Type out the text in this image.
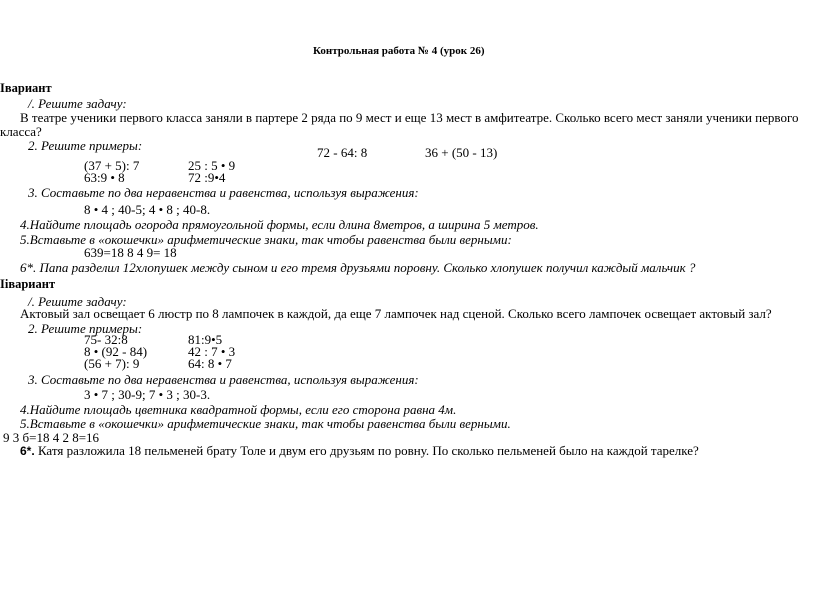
Контрольная работа № 4 (урок 26)
Iвариант
/. Решите задачу:
В театре ученики первого класса заняли в партере 2 ряда по 9 мест и еще 13 мест в амфитеатре. Сколько всего мест заняли ученики первого
класса?
2. Решите примеры:	72 - 64: 8	36 + (50 - 13)
(37 + 5): 7	25 : 5 • 9
63:9 • 8	72 :9•4
3. Составьте по два неравенства и равенства, используя выражения:
8 • 4 ; 40-5; 4 • 8 ; 40-8.
4.Найдите площадь огорода прямоугольной формы, если длина 8метров, а ширина 5 метров.
5.Вставьте в «окошечки» арифметические знаки, так чтобы равенства были верными:
639=18 8 4 9= 18
6*. Папа разделил 12хлопушек между сыном и его тремя друзьями поровну. Сколько хлопушек получил каждый мальчик ?
Iiвариант
/. Решите задачу:
Актовый зал освещает 6 люстр по 8 лампочек в каждой, да еще 7 лампочек над сценой. Сколько всего лампочек освещает актовый зал?
2. Решите примеры:
75- 32:8	81:9•5
8 • (92 - 84)	42 : 7 • 3
(56 + 7): 9	64: 8 • 7
3. Составьте по два неравенства и равенства, используя выражения:
3 • 7 ; 30-9; 7 • 3 ; 30-3.
4.Найдите площадь цветника квадратной формы, если его сторона равна 4м.
5.Вставьте в «окошечки» арифметические знаки, так чтобы равенства были верными.
9 3 б=18 4 2 8=16
6*. Катя разложила 18 пельменей брату Толе и двум его друзьям по ровну. По сколько пельменей было на каждой тарелке?
